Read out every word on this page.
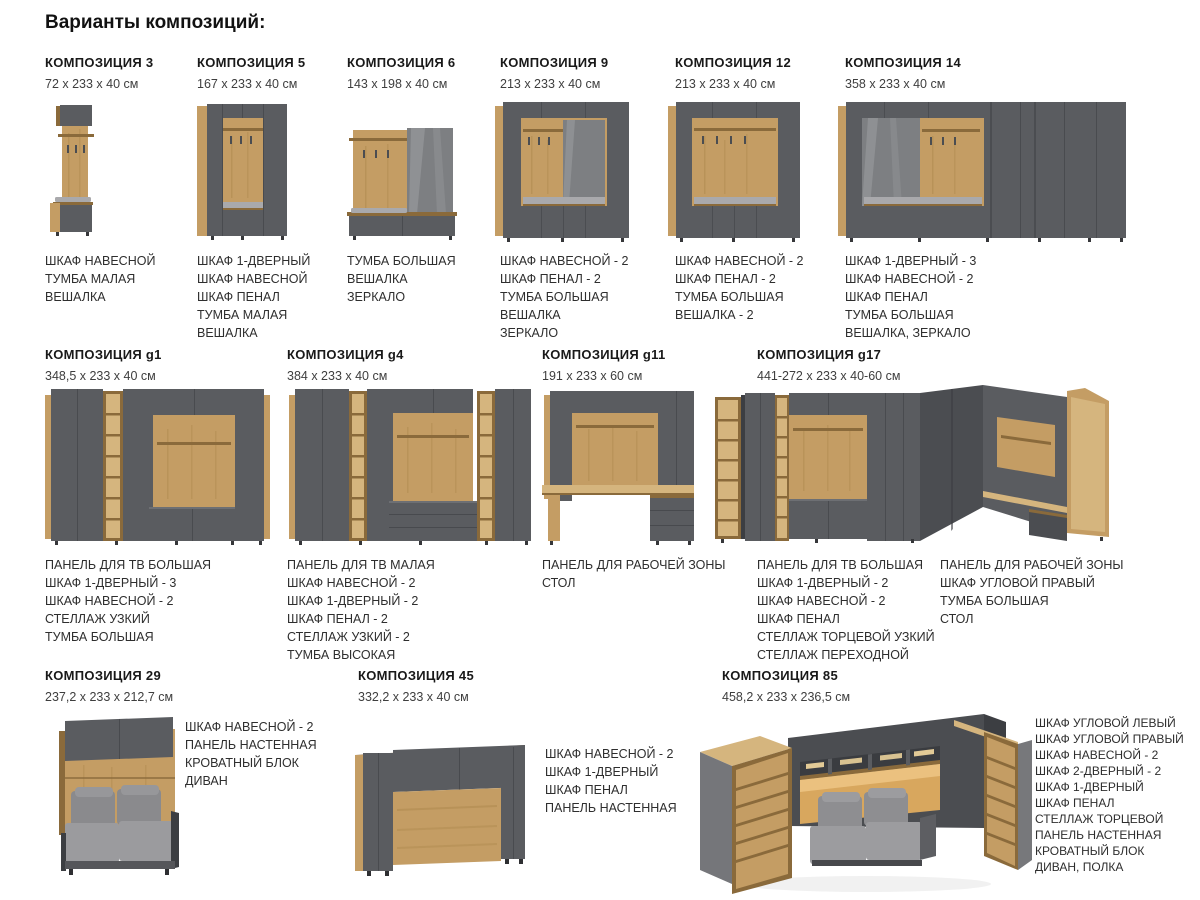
Варианты композиций:
КОМПОЗИЦИЯ 3
72 x 233 x 40 см
ШКАФ НАВЕСНОЙ
ТУМБА МАЛАЯ
ВЕШАЛКА
КОМПОЗИЦИЯ 5
167 x 233 x 40 см
ШКАФ 1-ДВЕРНЫЙ
ШКАФ НАВЕСНОЙ
ШКАФ ПЕНАЛ
ТУМБА МАЛАЯ
ВЕШАЛКА
КОМПОЗИЦИЯ 6
143 x 198 x 40 см
ТУМБА БОЛЬШАЯ
ВЕШАЛКА
ЗЕРКАЛО
КОМПОЗИЦИЯ 9
213 x 233 x 40 см
ШКАФ НАВЕСНОЙ - 2
ШКАФ ПЕНАЛ - 2
ТУМБА БОЛЬШАЯ
ВЕШАЛКА
ЗЕРКАЛО
КОМПОЗИЦИЯ 12
213 x 233 x 40 см
ШКАФ НАВЕСНОЙ - 2
ШКАФ ПЕНАЛ - 2
ТУМБА БОЛЬШАЯ
ВЕШАЛКА - 2
КОМПОЗИЦИЯ 14
358 x 233 x 40 см
ШКАФ 1-ДВЕРНЫЙ - 3
ШКАФ НАВЕСНОЙ - 2
ШКАФ ПЕНАЛ
ТУМБА БОЛЬШАЯ
ВЕШАЛКА, ЗЕРКАЛО
КОМПОЗИЦИЯ g1
348,5 x 233 x 40 см
ПАНЕЛЬ ДЛЯ ТВ БОЛЬШАЯ
ШКАФ 1-ДВЕРНЫЙ - 3
ШКАФ НАВЕСНОЙ - 2
СТЕЛЛАЖ УЗКИЙ
ТУМБА БОЛЬШАЯ
КОМПОЗИЦИЯ g4
384 x 233 x 40 см
ПАНЕЛЬ ДЛЯ ТВ МАЛАЯ
ШКАФ НАВЕСНОЙ - 2
ШКАФ 1-ДВЕРНЫЙ - 2
ШКАФ ПЕНАЛ - 2
СТЕЛЛАЖ УЗКИЙ - 2
ТУМБА ВЫСОКАЯ
КОМПОЗИЦИЯ g11
191 x 233 x 60 см
ПАНЕЛЬ ДЛЯ РАБОЧЕЙ ЗОНЫ
СТОЛ
КОМПОЗИЦИЯ g17
441-272 x 233 x 40-60 см
ПАНЕЛЬ ДЛЯ ТВ БОЛЬШАЯ
ШКАФ 1-ДВЕРНЫЙ - 2
ШКАФ НАВЕСНОЙ - 2
ШКАФ ПЕНАЛ
СТЕЛЛАЖ ТОРЦЕВОЙ УЗКИЙ
СТЕЛЛАЖ ПЕРЕХОДНОЙ
ПАНЕЛЬ ДЛЯ РАБОЧЕЙ ЗОНЫ
ШКАФ УГЛОВОЙ ПРАВЫЙ
ТУМБА БОЛЬШАЯ
СТОЛ
КОМПОЗИЦИЯ 29
237,2 x 233 x 212,7 см
ШКАФ НАВЕСНОЙ - 2
ПАНЕЛЬ НАСТЕННАЯ
КРОВАТНЫЙ БЛОК
ДИВАН
КОМПОЗИЦИЯ 45
332,2 x 233 x 40 см
ШКАФ НАВЕСНОЙ - 2
ШКАФ 1-ДВЕРНЫЙ
ШКАФ ПЕНАЛ
ПАНЕЛЬ НАСТЕННАЯ
КОМПОЗИЦИЯ 85
458,2 x 233 x 236,5 см
ШКАФ УГЛОВОЙ ЛЕВЫЙ
ШКАФ УГЛОВОЙ ПРАВЫЙ
ШКАФ НАВЕСНОЙ - 2
ШКАФ 2-ДВЕРНЫЙ - 2
ШКАФ 1-ДВЕРНЫЙ
ШКАФ ПЕНАЛ
СТЕЛЛАЖ ТОРЦЕВОЙ
ПАНЕЛЬ НАСТЕННАЯ
КРОВАТНЫЙ БЛОК
ДИВАН, ПОЛКА
